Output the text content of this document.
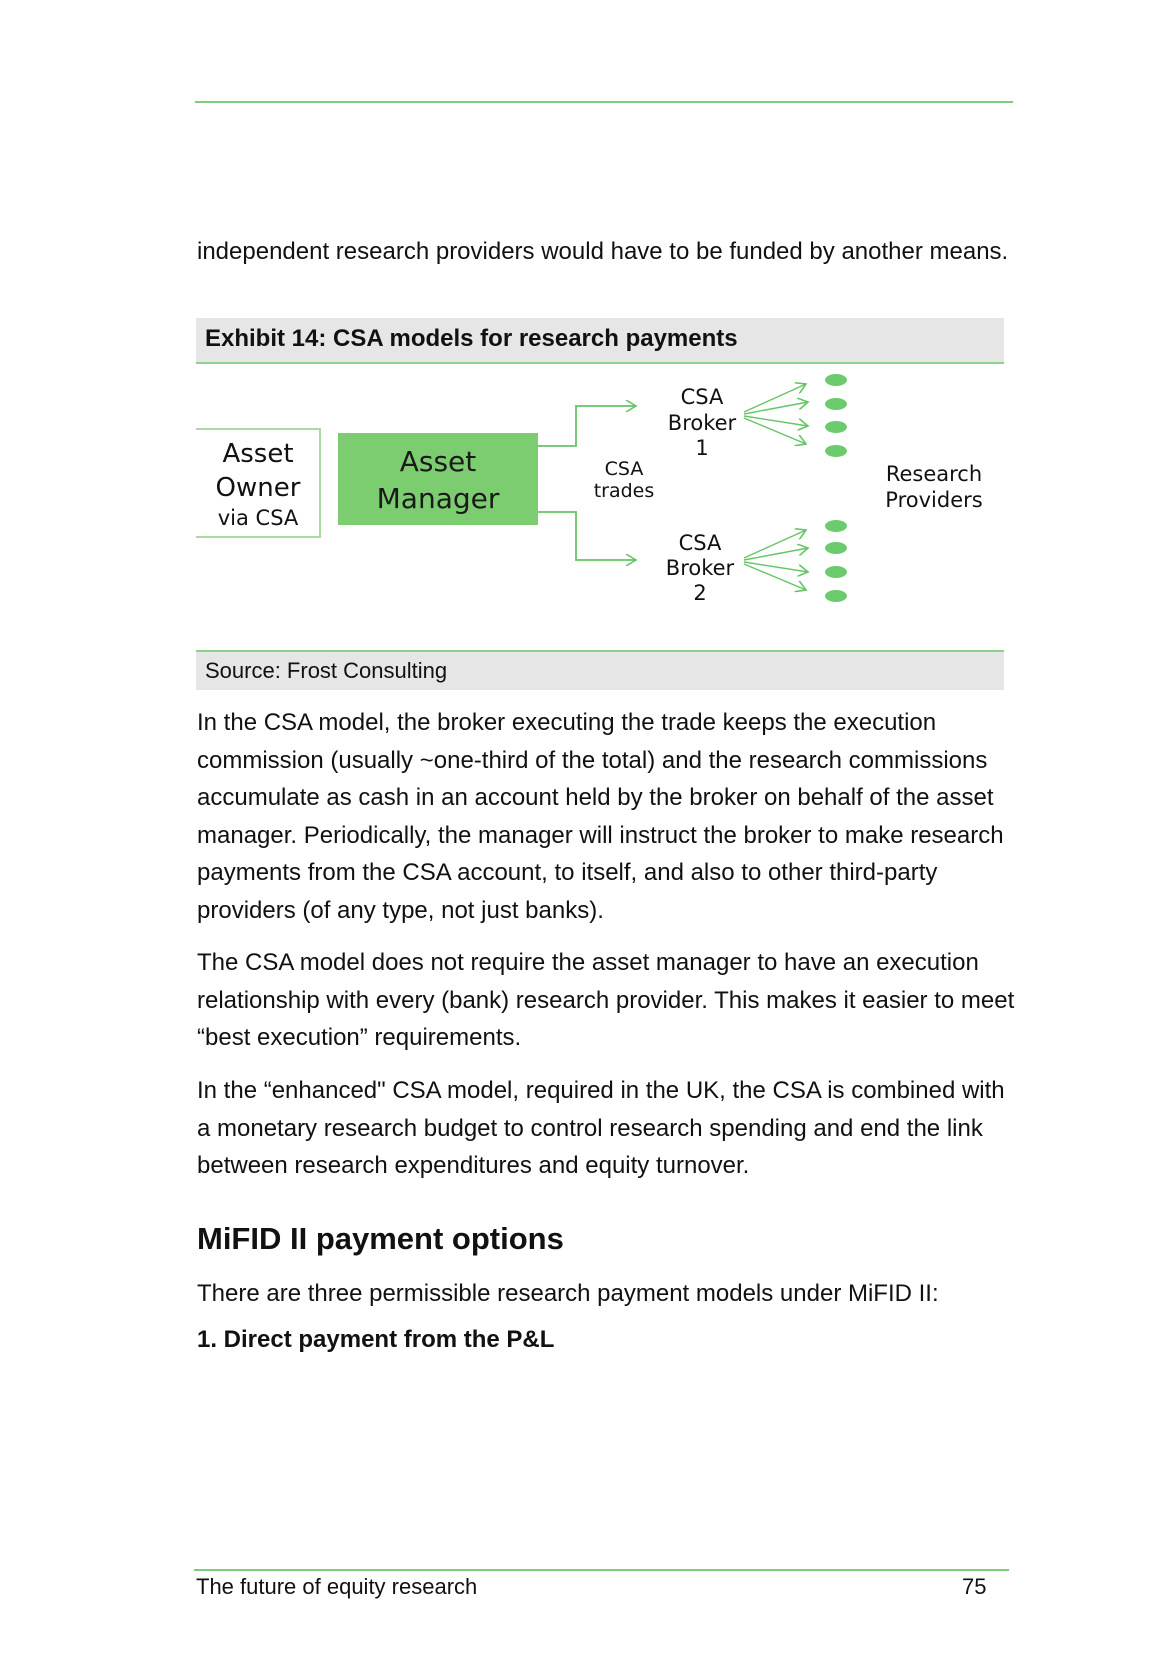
independent research providers would have to be funded by another means.

Exhibit 14: CSA models for research payments
Asset
Owner
via CSA
Asset
Manager
CSA
trades
CSA
Broker
1
CSA
Broker
2
Research
Providers
Source: Frost Consulting

In the CSA model, the broker executing the trade keeps the execution commission (usually ~one-third of the total) and the research commissions accumulate as cash in an account held by the broker on behalf of the asset manager. Periodically, the manager will instruct the broker to make research payments from the CSA account, to itself, and also to other third-party providers (of any type, not just banks).

The CSA model does not require the asset manager to have an execution relationship with every (bank) research provider. This makes it easier to meet “best execution” requirements.

In the “enhanced" CSA model, required in the UK, the CSA is combined with a monetary research budget to control research spending and end the link between research expenditures and equity turnover.

MiFID II payment options

There are three permissible research payment models under MiFID II:

1. Direct payment from the P&L
The future of equity research	75
